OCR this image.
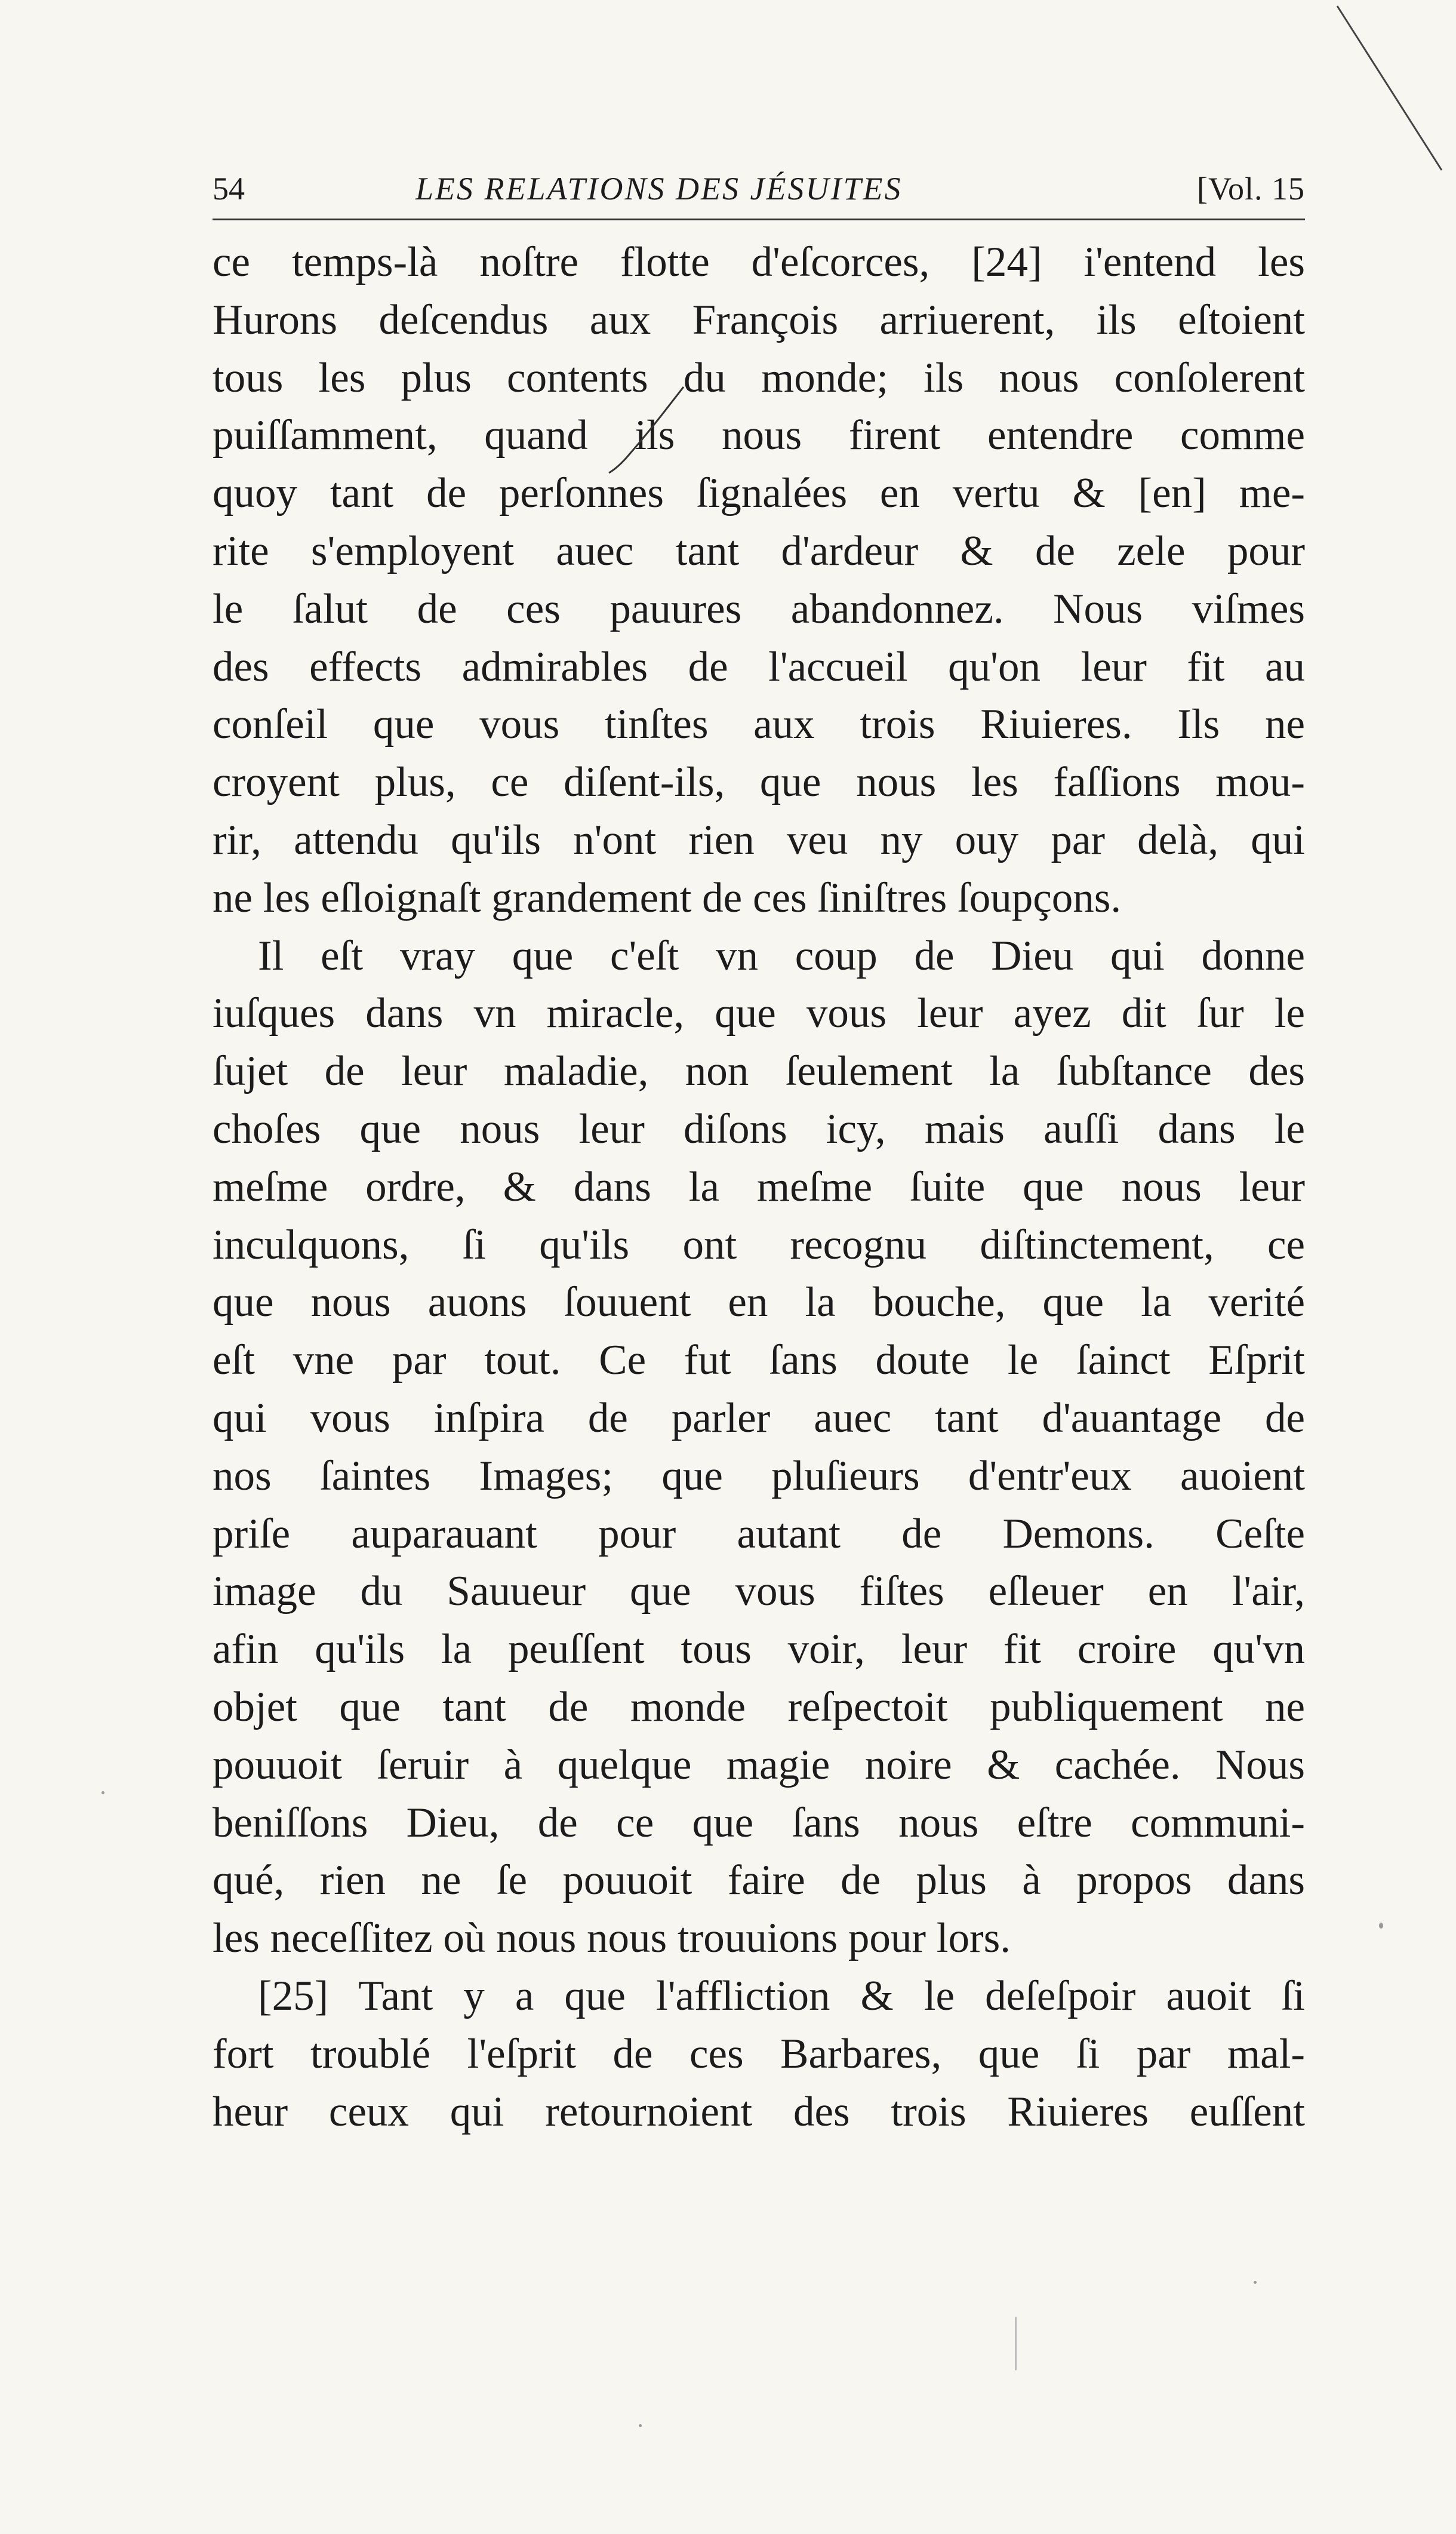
54	LES RELATIONS DES JÉSUITES	[Vol. 15
ce temps-là noſtre flotte d'eſcorces, [24] i'entend les
Hurons deſcendus aux François arriuerent, ils eſtoient
tous les plus contents du monde; ils nous conſolerent
puiſſamment, quand ils nous firent entendre comme
quoy tant de perſonnes ſignalées en vertu & [en] me-
rite s'employent auec tant d'ardeur & de zele pour
le ſalut de ces pauures abandonnez. Nous viſmes
des effects admirables de l'accueil qu'on leur fit au
conſeil que vous tinſtes aux trois Riuieres. Ils ne
croyent plus, ce diſent-ils, que nous les faſſions mou-
rir, attendu qu'ils n'ont rien veu ny ouy par delà, qui
ne les eſloignaſt grandement de ces ſiniſtres ſoupçons.
Il eſt vray que c'eſt vn coup de Dieu qui donne
iuſques dans vn miracle, que vous leur ayez dit ſur le
ſujet de leur maladie, non ſeulement la ſubſtance des
choſes que nous leur diſons icy, mais auſſi dans le
meſme ordre, & dans la meſme ſuite que nous leur
inculquons, ſi qu'ils ont recognu diſtinctement, ce
que nous auons ſouuent en la bouche, que la verité
eſt vne par tout. Ce fut ſans doute le ſainct Eſprit
qui vous inſpira de parler auec tant d'auantage de
nos ſaintes Images; que pluſieurs d'entr'eux auoient
priſe auparauant pour autant de Demons. Ceſte
image du Sauueur que vous fiſtes eſleuer en l'air,
afin qu'ils la peuſſent tous voir, leur fit croire qu'vn
objet que tant de monde reſpectoit publiquement ne
pouuoit ſeruir à quelque magie noire & cachée. Nous
beniſſons Dieu, de ce que ſans nous eſtre communi-
qué, rien ne ſe pouuoit faire de plus à propos dans
les neceſſitez où nous nous trouuions pour lors.
[25] Tant y a que l'affliction & le deſeſpoir auoit ſi
fort troublé l'eſprit de ces Barbares, que ſi par mal-
heur ceux qui retournoient des trois Riuieres euſſent
